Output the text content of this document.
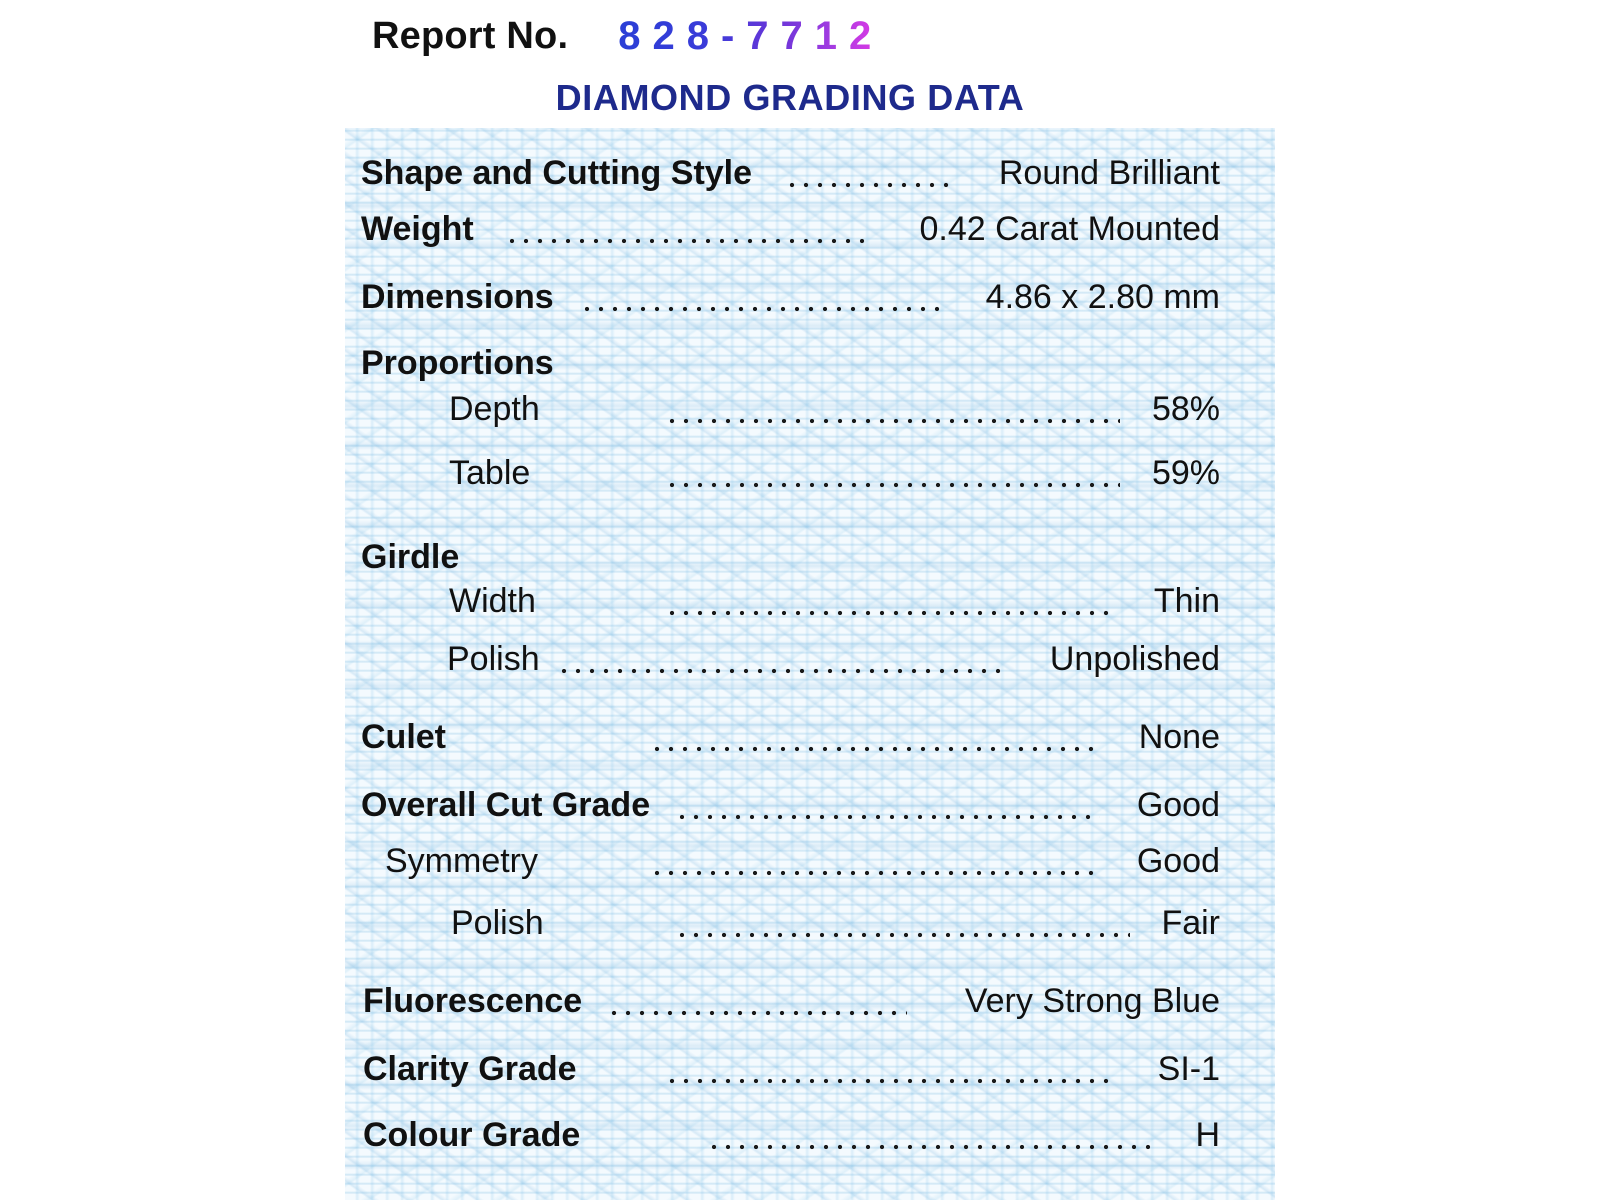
Report No. 828-7712
DIAMOND GRADING DATA
Shape and Cutting Style	Round Brilliant
Weight	0.42 Carat Mounted
Dimensions	4.86 x 2.80 mm
Proportions
Depth	58%
Table	59%
Girdle
Width	Thin
Polish	Unpolished
Culet	None
Overall Cut Grade	Good
Symmetry	Good
Polish	Fair
Fluorescence	Very Strong Blue
Clarity Grade	SI-1
Colour Grade	H
